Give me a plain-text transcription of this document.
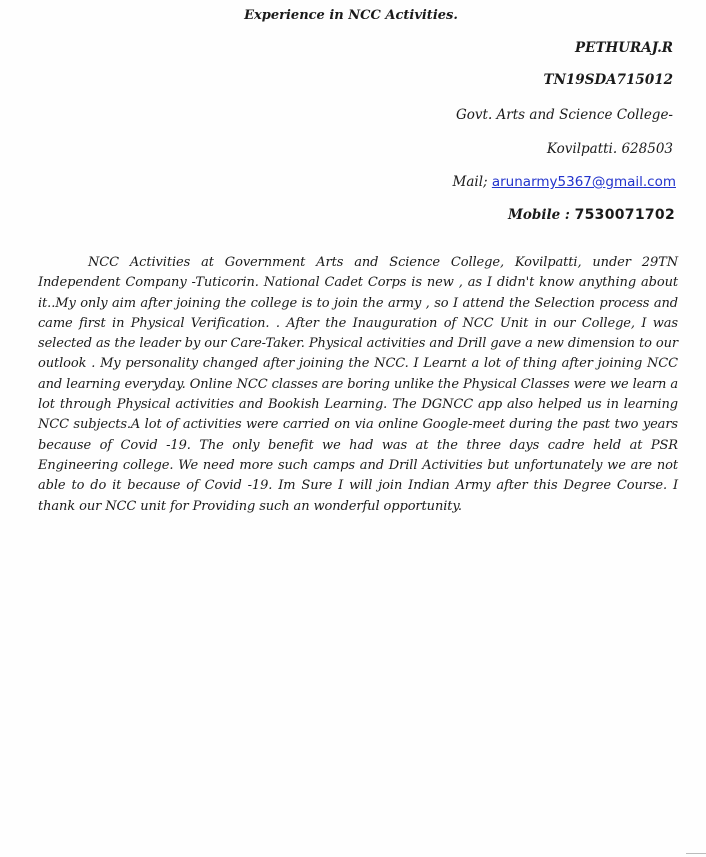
Experience in NCC Activities.
PETHURAJ.R
TN19SDA715012
Govt. Arts and Science College-
Kovilpatti. 628503
Mail; arunarmy5367@gmail.com
Mobile : 7530071702

NCC Activities at Government Arts and Science College, Kovilpatti, under 29TN Independent Company -Tuticorin. National Cadet Corps is new , as I didn't know anything about it..My only aim after joining the college is to join the army , so I attend the Selection process and came first in Physical Verification. . After the Inauguration of NCC Unit in our College, I was selected as the leader by our Care-Taker. Physical activities and Drill gave a new dimension to our outlook . My personality changed after joining the NCC. I Learnt a lot of thing after joining NCC and learning everyday. Online NCC classes are boring unlike the Physical Classes were we learn a lot through Physical activities and Bookish Learning. The DGNCC app also helped us in learning NCC subjects.A lot of activities were carried on via online Google-meet during the past two years because of Covid -19. The only benefit we had was at the three days cadre held at PSR Engineering college. We need more such camps and Drill Activities but unfortunately we are not able to do it because of Covid -19. Im Sure I will join Indian Army after this Degree Course. I thank our NCC unit for Providing such an wonderful opportunity.
